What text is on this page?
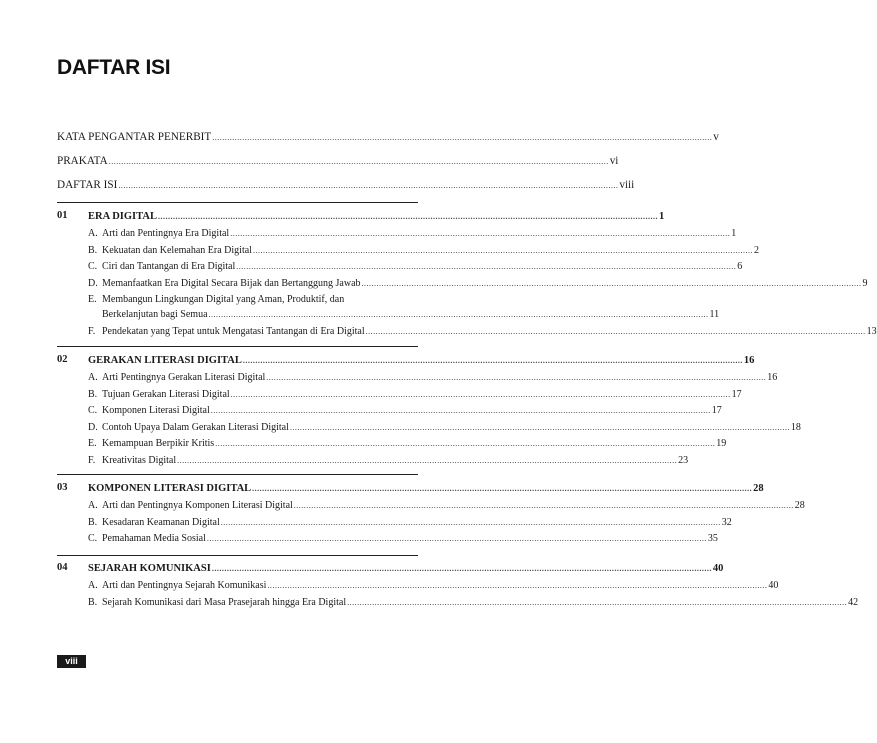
DAFTAR ISI
KATA PENGANTAR PENERBIT ........................................................................................................................................................................................................ v
PRAKATA ........................................................................................................................................................................................................ vi
DAFTAR ISI ........................................................................................................................................................................................................ viii
01 ERA DIGITAL ........................................................................................................................................................................................................ 1
A. Arti dan Pentingnya Era Digital ........................................................................................................................................................................................................ 1
B. Kekuatan dan Kelemahan Era Digital ........................................................................................................................................................................................................ 2
C. Ciri dan Tantangan di Era Digital ........................................................................................................................................................................................................ 6
D. Memanfaatkan Era Digital Secara Bijak dan Bertanggung Jawab ........................................................................................................................................................................................................ 9
E. Membangun Lingkungan Digital yang Aman, Produktif, dan
Berkelanjutan bagi Semua ........................................................................................................................................................................................................ 11
F. Pendekatan yang Tepat untuk Mengatasi Tantangan di Era Digital ........................................................................................................................................................................................................ 13
02 GERAKAN LITERASI DIGITAL ........................................................................................................................................................................................................ 16
A. Arti Pentingnya Gerakan Literasi Digital ........................................................................................................................................................................................................ 16
B. Tujuan Gerakan Literasi Digital ........................................................................................................................................................................................................ 17
C. Komponen Literasi Digital ........................................................................................................................................................................................................ 17
D. Contoh Upaya Dalam Gerakan Literasi Digital ........................................................................................................................................................................................................ 18
E. Kemampuan Berpikir Kritis ........................................................................................................................................................................................................ 19
F. Kreativitas Digital ........................................................................................................................................................................................................ 23
03 KOMPONEN LITERASI DIGITAL ........................................................................................................................................................................................................ 28
A. Arti dan Pentingnya Komponen Literasi Digital ........................................................................................................................................................................................................ 28
B. Kesadaran Keamanan Digital ........................................................................................................................................................................................................ 32
C. Pemahaman Media Sosial ........................................................................................................................................................................................................ 35
04 SEJARAH KOMUNIKASI ........................................................................................................................................................................................................ 40
A. Arti dan Pentingnya Sejarah Komunikasi ........................................................................................................................................................................................................ 40
B. Sejarah Komunikasi dari Masa Prasejarah hingga Era Digital ........................................................................................................................................................................................................ 42
viii
